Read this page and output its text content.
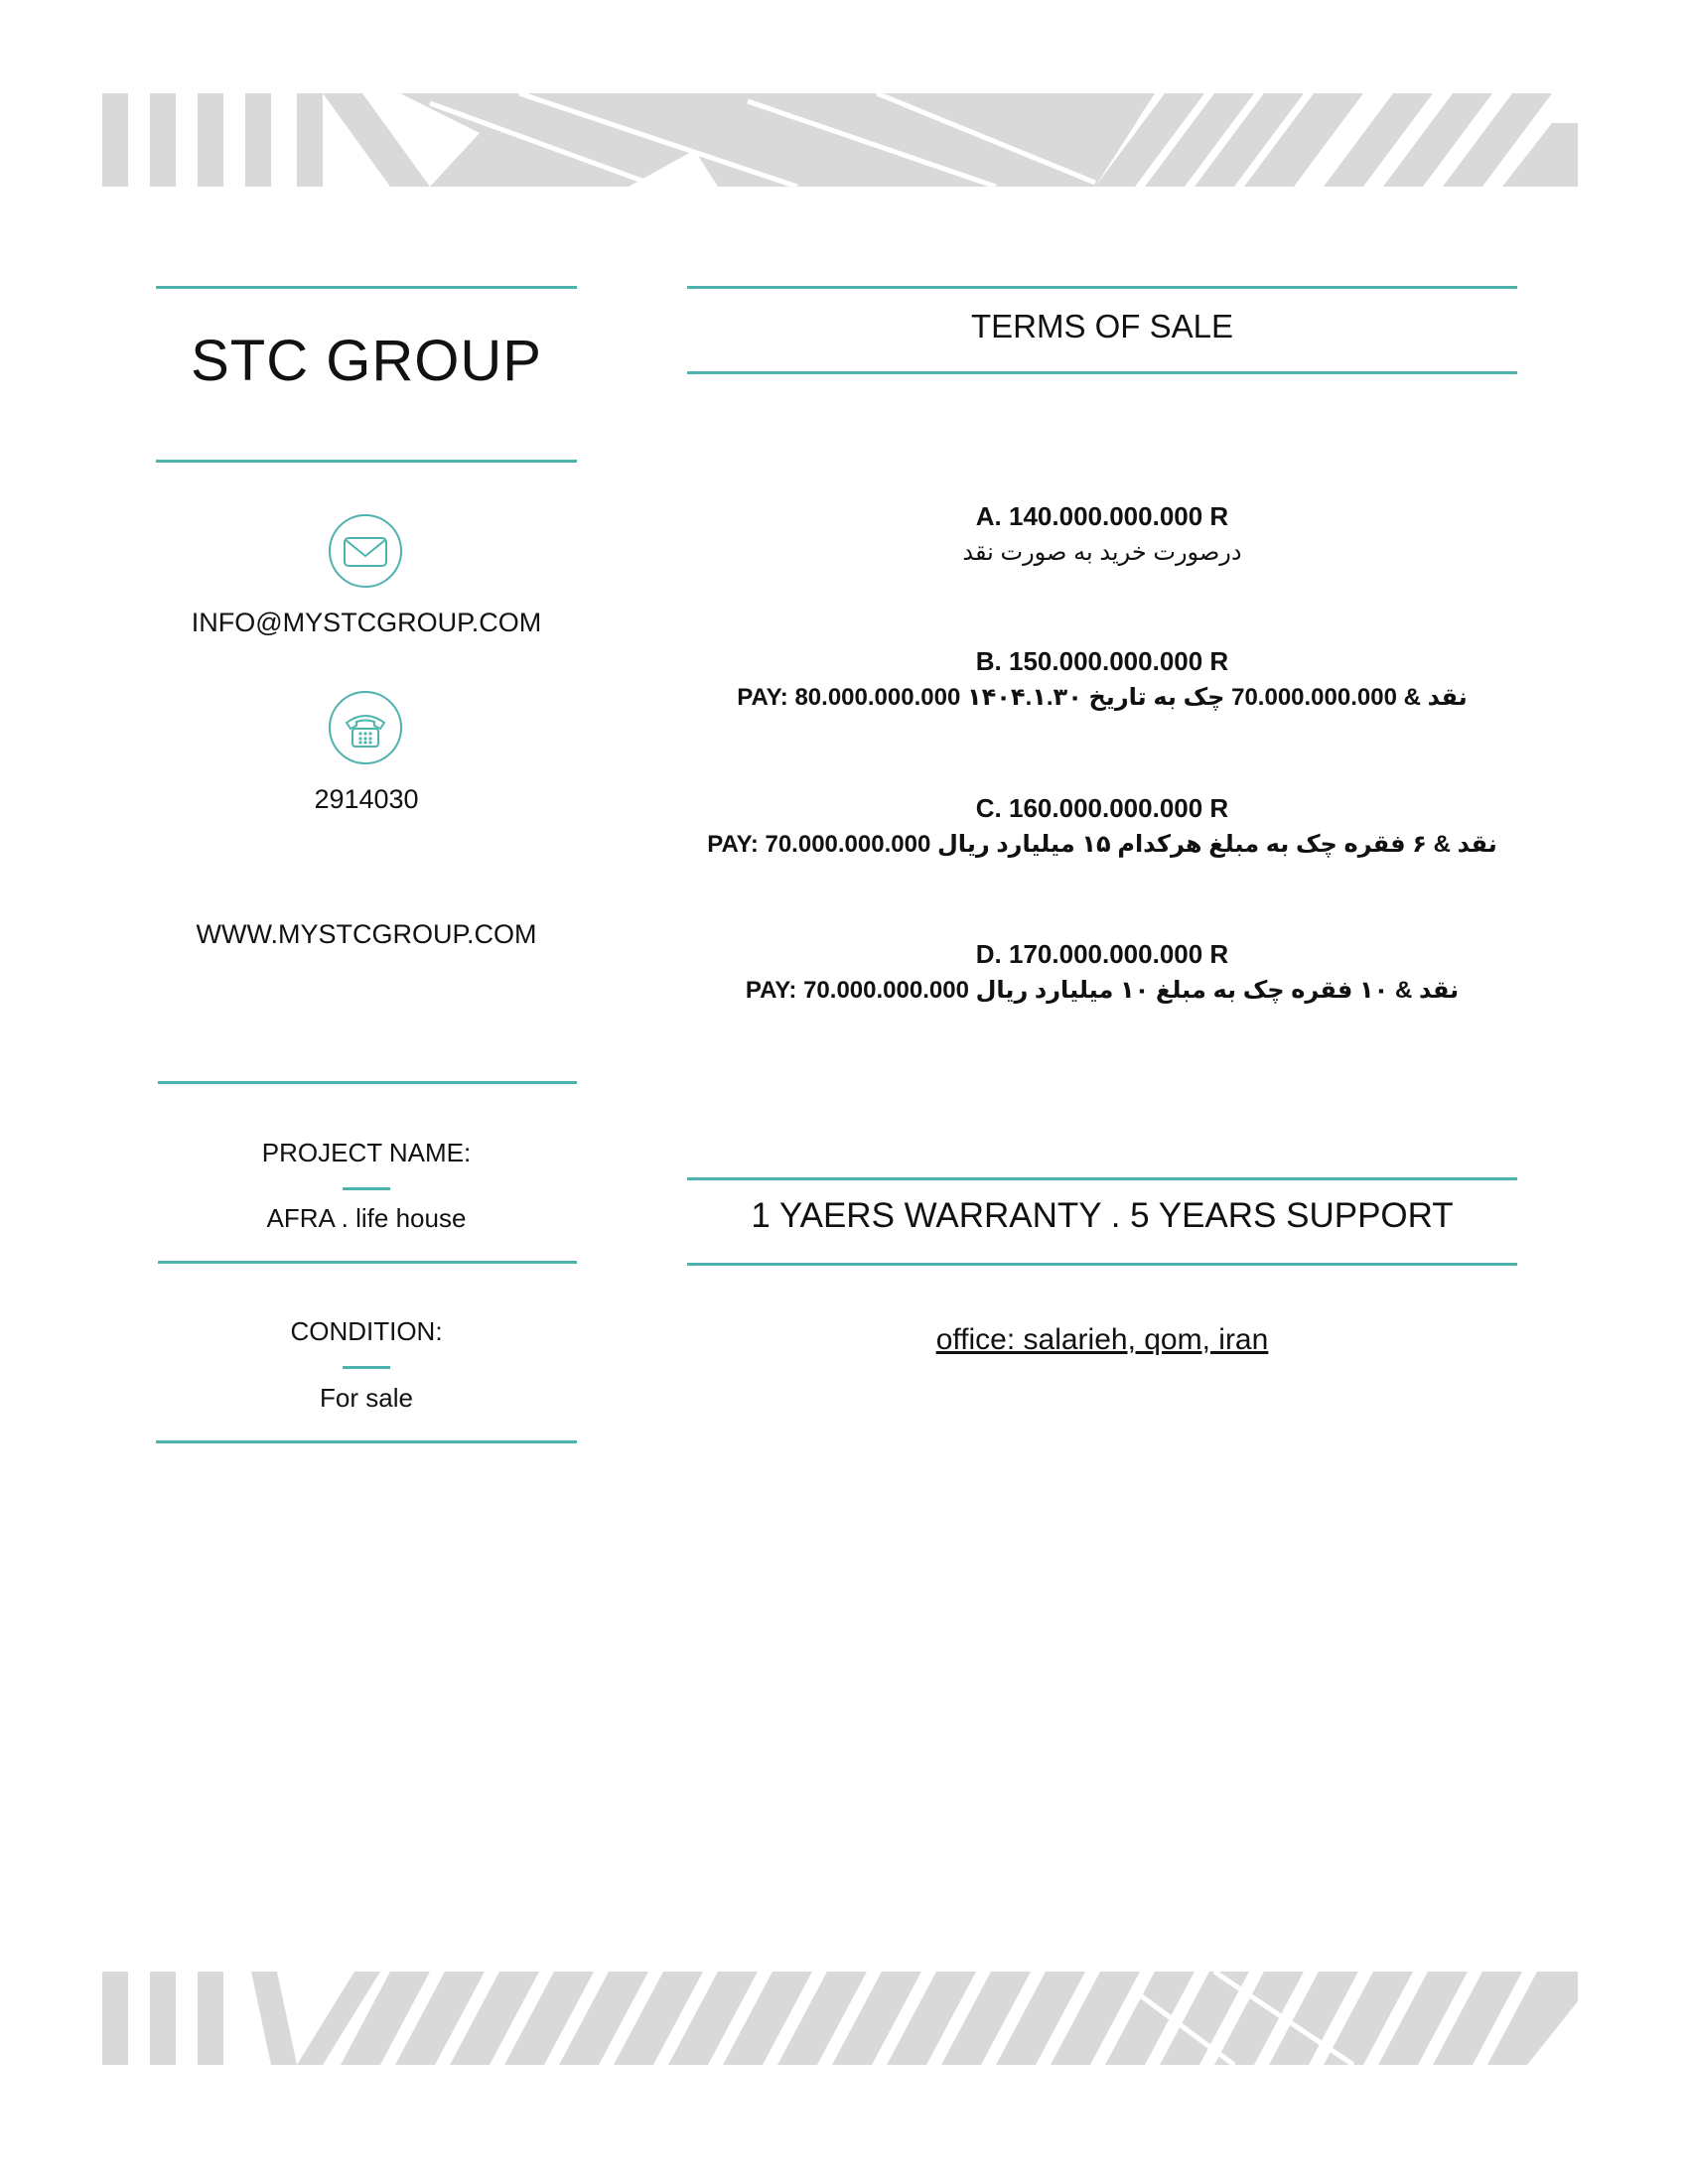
STC GROUP
INFO@MYSTCGROUP.COM
2914030
WWW.MYSTCGROUP.COM
PROJECT NAME:
AFRA . life house
CONDITION:
For sale
TERMS OF SALE
A. 140.000.000.000 R
درصورت خرید به صورت نقد
B. 150.000.000.000 R
PAY: 80.000.000.000 نقد & 70.000.000.000 چک به تاریخ ۱۴۰۴.۱.۳۰
C. 160.000.000.000 R
PAY: 70.000.000.000 نقد & ۶ فقره چک به مبلغ هرکدام ۱۵ میلیارد ریال
D. 170.000.000.000 R
PAY: 70.000.000.000 نقد & ۱۰ فقره چک به مبلغ ۱۰ میلیارد ریال
1 YAERS WARRANTY . 5 YEARS SUPPORT
office: salarieh, qom, iran
